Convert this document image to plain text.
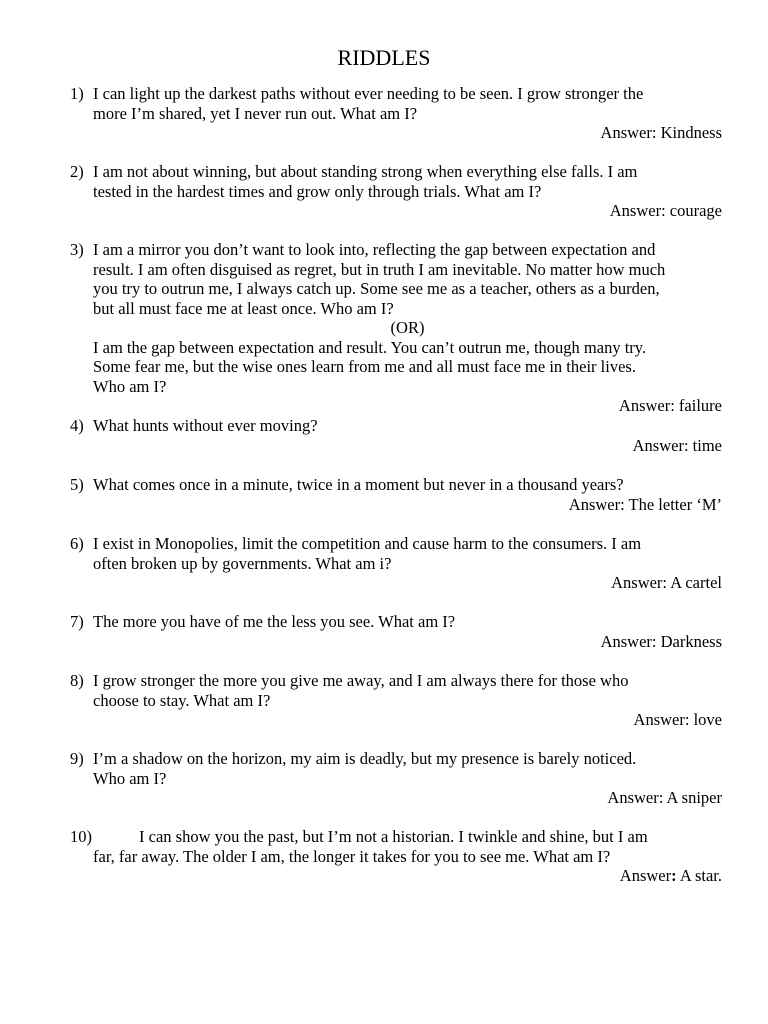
RIDDLES
1) I can light up the darkest paths without ever needing to be seen. I grow stronger the
more I’m shared, yet I never run out. What am I?
Answer: Kindness
2) I am not about winning, but about standing strong when everything else falls. I am
tested in the hardest times and grow only through trials. What am I?
Answer: courage
3) I am a mirror you don’t want to look into, reflecting the gap between expectation and
result. I am often disguised as regret, but in truth I am inevitable. No matter how much
you try to outrun me, I always catch up. Some see me as a teacher, others as a burden,
but all must face me at least once. Who am I?
(OR)
I am the gap between expectation and result. You can’t outrun me, though many try.
Some fear me, but the wise ones learn from me and all must face me in their lives.
Who am I?
Answer: failure
4) What hunts without ever moving?
Answer: time
5) What comes once in a minute, twice in a moment but never in a thousand years?
Answer: The letter ‘M’
6) I exist in Monopolies, limit the competition and cause harm to the consumers. I am
often broken up by governments. What am i?
Answer: A cartel
7) The more you have of me the less you see. What am I?
Answer: Darkness
8) I grow stronger the more you give me away, and I am always there for those who
choose to stay. What am I?
Answer: love
9) I’m a shadow on the horizon, my aim is deadly, but my presence is barely noticed.
Who am I?
Answer: A sniper
10)	I can show you the past, but I’m not a historian. I twinkle and shine, but I am
far, far away. The older I am, the longer it takes for you to see me. What am I?
Answer: A star.
